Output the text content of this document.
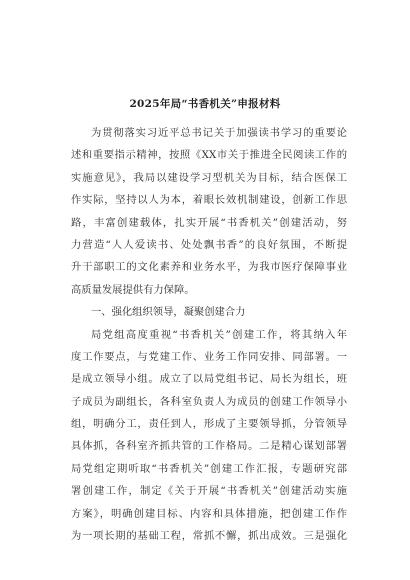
2025年局“书香机关”申报材料
为贯彻落实习近平总书记关于加强读书学习的重要论
述和重要指示精神，按照《XX市关于推进全民阅读工作的
实施意见》，我局以建设学习型机关为目标，结合医保工
作实际，坚持以人为本，着眼长效机制建设，创新工作思
路，丰富创建载体，扎实开展“书香机关”创建活动，努
力营造“人人爱读书、处处飘书香”的良好氛围，不断提
升干部职工的文化素养和业务水平，为我市医疗保障事业
高质量发展提供有力保障。
一、强化组织领导，凝聚创建合力
局党组高度重视“书香机关”创建工作，将其纳入年
度工作要点，与党建工作、业务工作同安排、同部署。一
是成立领导小组。成立了以局党组书记、局长为组长，班
子成员为副组长，各科室负责人为成员的创建工作领导小
组，明确分工，责任到人，形成了主要领导抓，分管领导
具体抓，各科室齐抓共管的工作格局。二是精心谋划部署
局党组定期听取“书香机关”创建工作汇报，专题研究部
署创建工作，制定《关于开展“书香机关”创建活动实施
方案》，明确创建目标、内容和具体措施，把创建工作作
为一项长期的基础工程，常抓不懈，抓出成效。三是强化
